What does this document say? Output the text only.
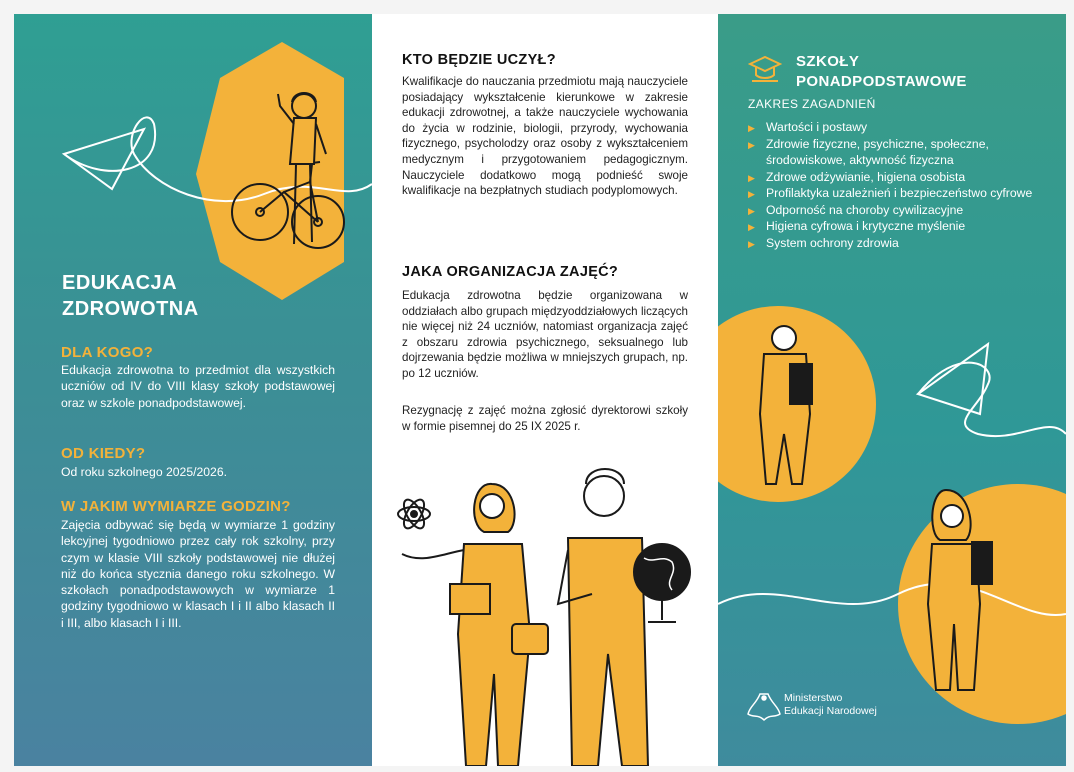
EDUKACJA
ZDROWOTNA
DLA KOGO?
Edukacja zdrowotna to przedmiot dla wszystkich uczniów od IV do VIII klasy szkoły podstawowej oraz w szkole ponadpodstawowej.
OD KIEDY?
Od roku szkolnego 2025/2026.
W JAKIM WYMIARZE GODZIN?
Zajęcia odbywać się będą w wymiarze 1 godziny lekcyjnej tygodniowo przez cały rok szkolny, przy czym w klasie VIII szkoły podstawowej nie dłużej niż do końca stycznia danego roku szkolnego. W szkołach ponadpodstawowych w wymiarze 1 godziny tygodniowo w klasach I i II albo klasach II i III, albo klasach I i III.
KTO BĘDZIE UCZYŁ?
Kwalifikacje do nauczania przedmiotu mają nauczyciele posiadający wykształcenie kierunkowe w zakresie edukacji zdrowotnej, a także nauczyciele wychowania do życia w rodzinie, biologii, przyrody, wychowania fizycznego, psycholodzy oraz osoby z wykształceniem medycznym i przygotowaniem pedagogicznym. Nauczyciele dodatkowo mogą podnieść swoje kwalifikacje na bezpłatnych studiach podyplomowych.
JAKA ORGANIZACJA ZAJĘĆ?
Edukacja zdrowotna będzie organizowana w oddziałach albo grupach międzyoddziałowych liczących nie więcej niż 24 uczniów, natomiast organizacja zajęć z obszaru zdrowia psychicznego, seksualnego lub dojrzewania będzie możliwa w mniejszych grupach, np. po 12 uczniów.
Rezygnację z zajęć można zgłosić dyrektorowi szkoły w formie pisemnej do 25 IX 2025 r.
SZKOŁY
PONADPODSTAWOWE
ZAKRES ZAGADNIEŃ
▶ Wartości i postawy
▶ Zdrowie fizyczne, psychiczne, społeczne, środowiskowe, aktywność fizyczna
▶ Zdrowe odżywianie, higiena osobista
▶ Profilaktyka uzależnień i bezpieczeństwo cyfrowe
▶ Odporność na choroby cywilizacyjne
▶ Higiena cyfrowa i krytyczne myślenie
▶ System ochrony zdrowia
Ministerstwo
Edukacji Narodowej
